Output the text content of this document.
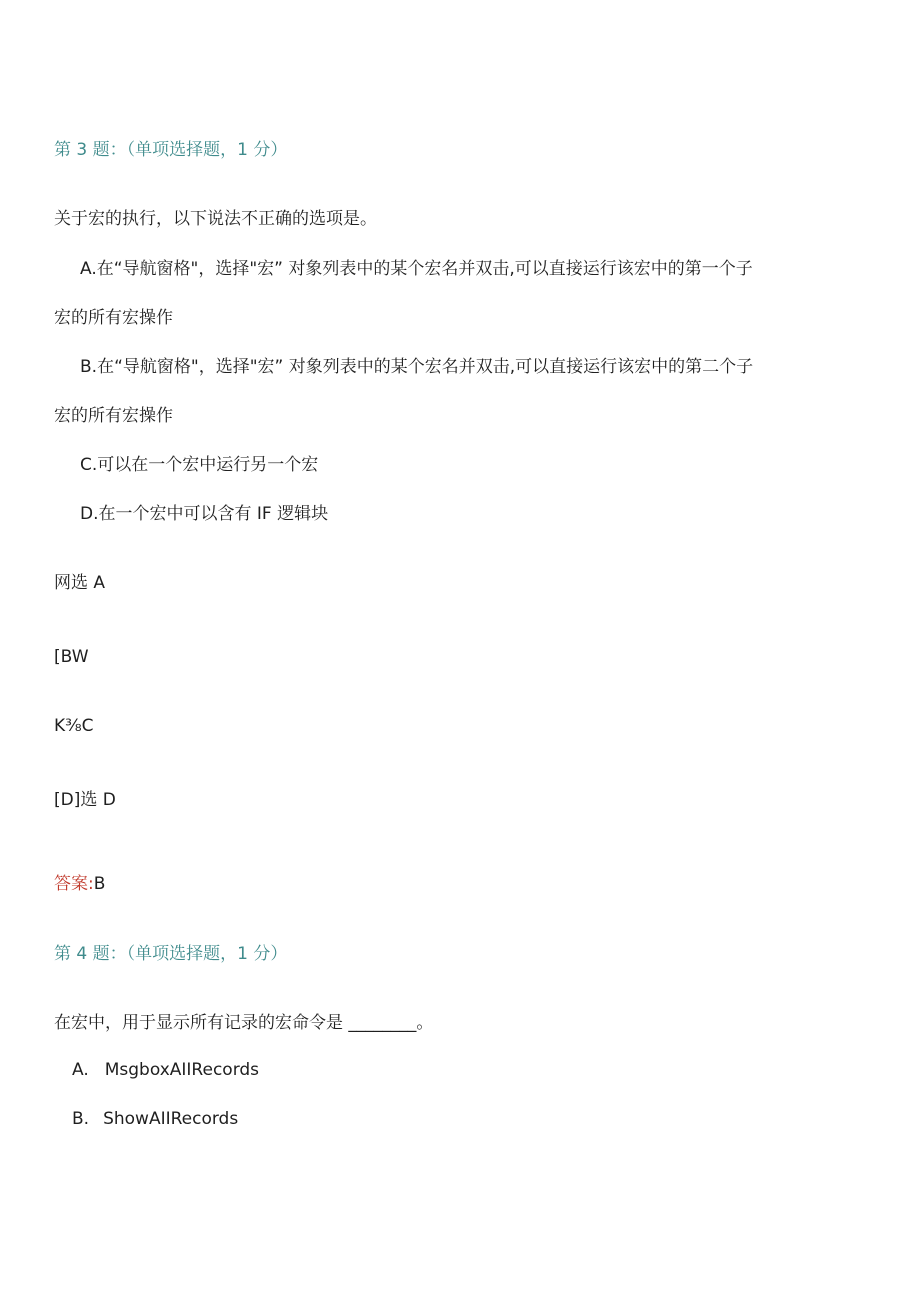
第 3 题：（单项选择题，1 分）
关于宏的执行，以下说法不正确的选项是。
A.在“导航窗格"，选择"宏” 对象列表中的某个宏名并双击,可以直接运行该宏中的第一个子
宏的所有宏操作
B.在“导航窗格"，选择"宏” 对象列表中的某个宏名并双击,可以直接运行该宏中的第二个子
宏的所有宏操作
C.可以在一个宏中运行另一个宏
D.在一个宏中可以含有 IF 逻辑块
网选 A
[BW
K⅜C
[D]选 D
答案:B
第 4 题：（单项选择题，1 分）
在宏中，用于显示所有记录的宏命令是 ________。
A. MsgboxAIIRecords
B. ShowAIIRecords
